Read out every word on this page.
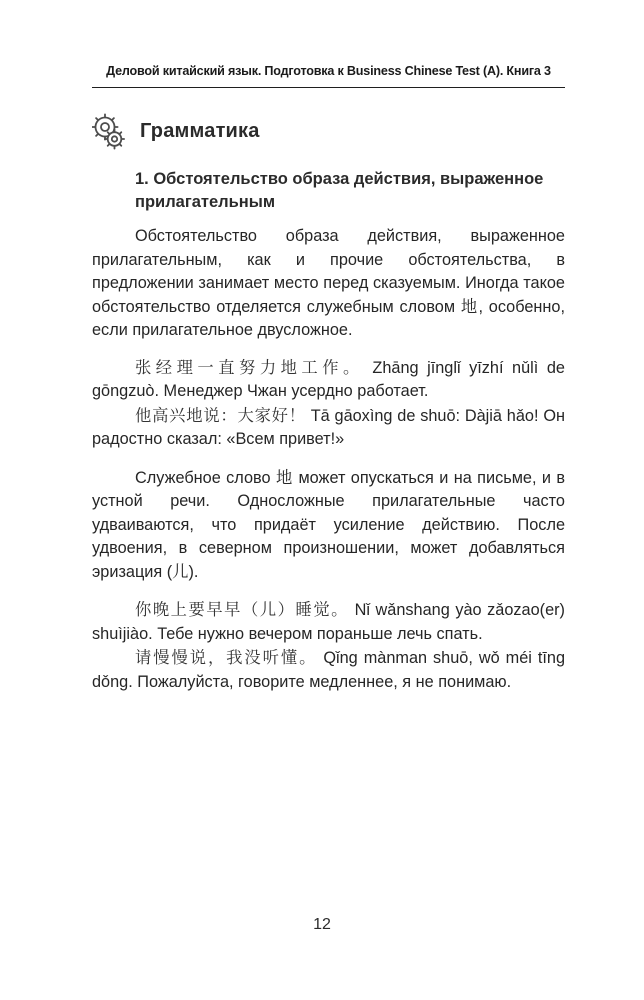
Деловой китайский язык. Подготовка к Business Chinese Test (A). Книга 3
Грамматика
1. Обстоятельство образа действия, выраженное прилагательным

Обстоятельство образа действия, выраженное прилагательным, как и прочие обстоятельства, в предложении занимает место перед сказуемым. Иногда такое обстоятельство отделяется служебным словом 地, особенно, если прилагательное двусложное.

张经理一直努力地工作。 Zhāng jīnglǐ yīzhí nǔlì de gōngzuò. Менеджер Чжан усердно работает.

他高兴地说：大家好！ Tā gāoxìng de shuō: Dàjiā hǎo! Он радостно сказал: «Всем привет!»

Служебное слово 地 может опускаться и на письме, и в устной речи. Односложные прилагательные часто удваиваются, что придаёт усиление действию. После удвоения, в северном произношении, может добавляться эризация (儿).

你晚上要早早（儿）睡觉。 Nǐ wǎnshang yào zǎozao(er) shuìjiào. Тебе нужно вечером пораньше лечь спать.

请慢慢说，我没听懂。 Qǐng mànman shuō, wǒ méi tīng dǒng. Пожалуйста, говорите медленнее, я не понимаю.

12
